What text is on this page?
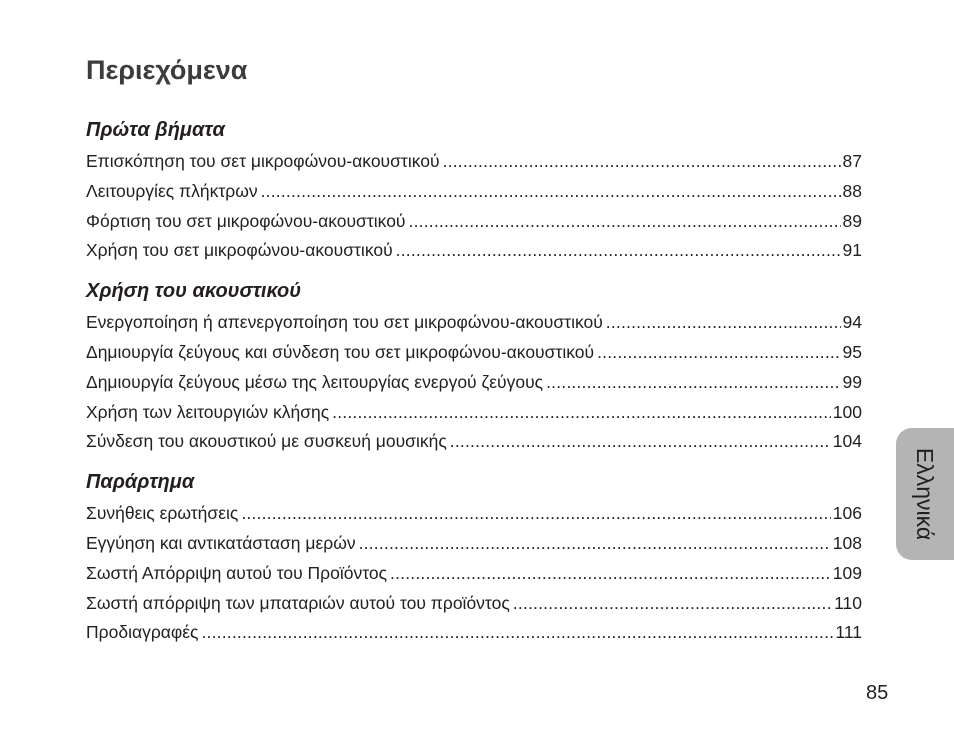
Περιεχόμενα
Πρώτα βήματα
Επισκόπηση του σετ μικροφώνου-ακουστικού .....	87
Λειτουργίες πλήκτρων .....	88
Φόρτιση του σετ μικροφώνου-ακουστικού .....	89
Χρήση του σετ μικροφώνου-ακουστικού .....	91
Χρήση του ακουστικού
Ενεργοποίηση ή απενεργοποίηση του σετ μικροφώνου-ακουστικού .....	94
Δημιουργία ζεύγους και σύνδεση του σετ μικροφώνου-ακουστικού .....	95
Δημιουργία ζεύγους μέσω της λειτουργίας ενεργού ζεύγους .....	99
Χρήση των λειτουργιών κλήσης .....	100
Σύνδεση του ακουστικού με συσκευή μουσικής .....	104
Παράρτημα
Συνήθεις ερωτήσεις .....	106
Εγγύηση και αντικατάσταση μερών .....	108
Σωστή Απόρριψη αυτού του Προϊόντος .....	109
Σωστή απόρριψη των μπαταριών αυτού του προϊόντος .....	110
Προδιαγραφές .....	111
Ελληνικά
85
